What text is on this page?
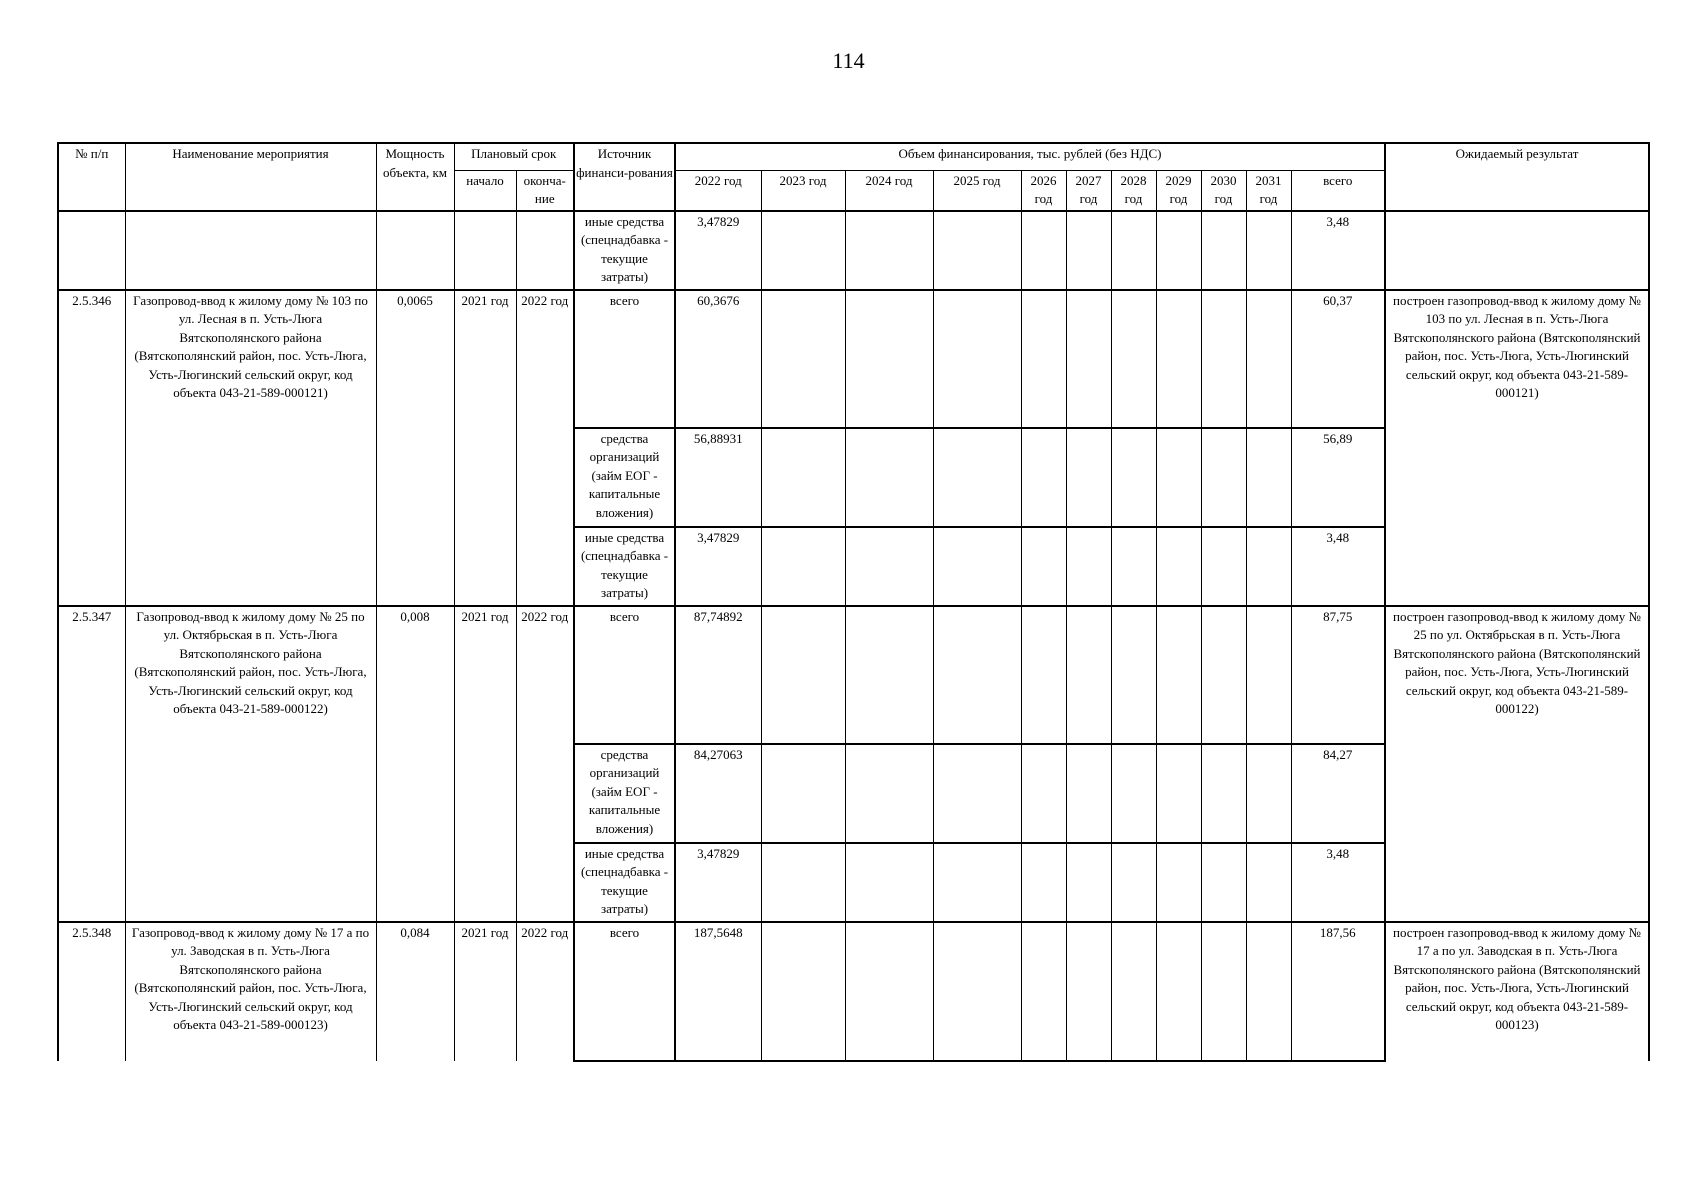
114
№ п/п	Наименование мероприятия	Мощность объекта, км	Плановый срок		Источник финанси-рования	Объем финансирования, тыс. рублей (без НДС)											Ожидаемый результат
			начало	оконча-ние		2022 год	2023 год	2024 год	2025 год	2026 год	2027 год	2028 год	2029 год	2030 год	2031 год	всего	
					иные средства (спецнадбавка - текущие затраты)	3,47829										3,48	
2.5.346	Газопровод-ввод к жилому дому № 103 по ул. Лесная в п. Усть-Люга Вятскополянского района (Вятскополянский район, пос. Усть-Люга, Усть-Люгинский сельский округ, код объекта 043-21-589-000121)	0,0065	2021 год	2022 год	всего	60,3676										60,37	построен газопровод-ввод к жилому дому № 103 по ул. Лесная в п. Усть-Люга Вятскополянского района (Вятскополянский район, пос. Усть-Люга, Усть-Люгинский сельский округ, код объекта 043-21-589-000121)
					средства организаций (займ ЕОГ - капитальные вложения)	56,88931										56,89	
					иные средства (спецнадбавка - текущие затраты)	3,47829										3,48	
2.5.347	Газопровод-ввод к жилому дому № 25 по ул. Октябрьская в п. Усть-Люга Вятскополянского района (Вятскополянский район, пос. Усть-Люга, Усть-Люгинский сельский округ, код объекта 043-21-589-000122)	0,008	2021 год	2022 год	всего	87,74892										87,75	построен газопровод-ввод к жилому дому № 25 по ул. Октябрьская в п. Усть-Люга Вятскополянского района (Вятскополянский район, пос. Усть-Люга, Усть-Люгинский сельский округ, код объекта 043-21-589-000122)
					средства организаций (займ ЕОГ - капитальные вложения)	84,27063										84,27	
					иные средства (спецнадбавка - текущие затраты)	3,47829										3,48	
2.5.348	Газопровод-ввод к жилому дому № 17 а по ул. Заводская в п. Усть-Люга Вятскополянского района (Вятскополянский район, пос. Усть-Люга, Усть-Люгинский сельский округ, код объекта 043-21-589-000123)	0,084	2021 год	2022 год	всего	187,5648										187,56	построен газопровод-ввод к жилому дому № 17 а по ул. Заводская в п. Усть-Люга Вятскополянского района (Вятскополянский район, пос. Усть-Люга, Усть-Люгинский сельский округ, код объекта 043-21-589-000123)
